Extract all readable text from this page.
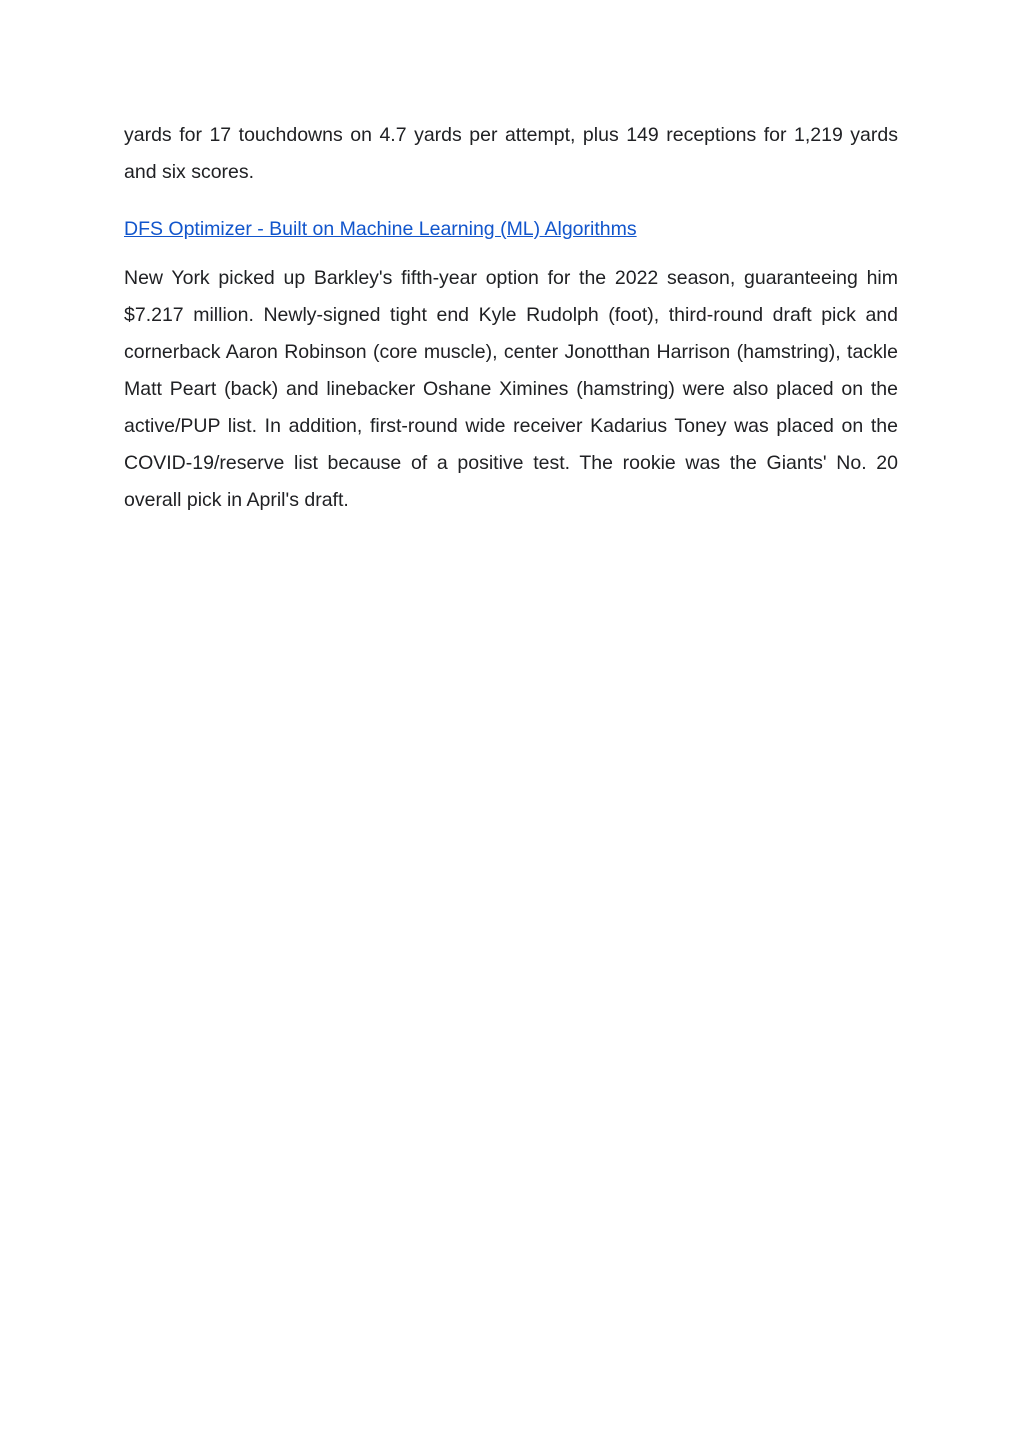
yards for 17 touchdowns on 4.7 yards per attempt, plus 149 receptions for 1,219 yards and six scores.

DFS Optimizer - Built on Machine Learning (ML) Algorithms

New York picked up Barkley's fifth-year option for the 2022 season, guaranteeing him $7.217 million. Newly-signed tight end Kyle Rudolph (foot), third-round draft pick and cornerback Aaron Robinson (core muscle), center Jonotthan Harrison (hamstring), tackle Matt Peart (back) and linebacker Oshane Ximines (hamstring) were also placed on the active/PUP list. In addition, first-round wide receiver Kadarius Toney was placed on the COVID-19/reserve list because of a positive test. The rookie was the Giants' No. 20 overall pick in April's draft.
